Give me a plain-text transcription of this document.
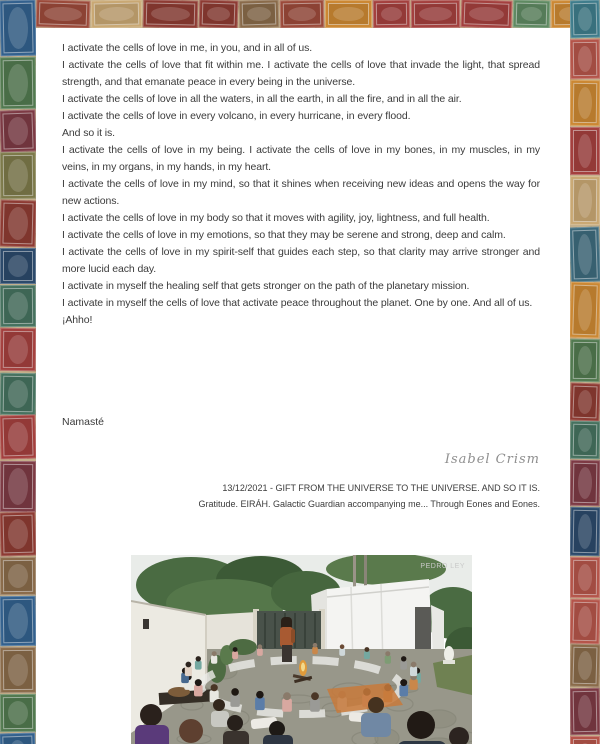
I activate the cells of love in me, in you, and in all of us.

I activate the cells of love that fit within me. I activate the cells of love that invade the light, that spread strength, and that emanate peace in every being in the universe.

I activate the cells of love in all the waters, in all the earth, in all the fire, and in all the air.

I activate the cells of love in every volcano, in every hurricane, in every flood.

And so it is.

I activate the cells of love in my being. I activate the cells of love in my bones, in my muscles, in my veins, in my organs, in my hands, in my heart.

I activate the cells of love in my mind, so that it shines when receiving new ideas and opens the way for new actions.

I activate the cells of love in my body so that it moves with agility, joy, lightness, and full health.

I activate the cells of love in my emotions, so that they may be serene and strong, deep and calm.

I activate the cells of love in my spirit-self that guides each step, so that clarity may arrive stronger and more lucid each day.

I activate in myself the healing self that gets stronger on the path of the planetary mission.

I activate in myself the cells of love that activate peace throughout the planet. One by one. And all of us.

¡Ahho!

Namasté
Isabel Crism
13/12/2021 - GIFT FROM THE UNIVERSE TO THE UNIVERSE. AND SO IT IS.
Gratitude. EIRÁH. Galactic Guardian accompanying me... Through Eones and Eones.
PEDRO LEY
